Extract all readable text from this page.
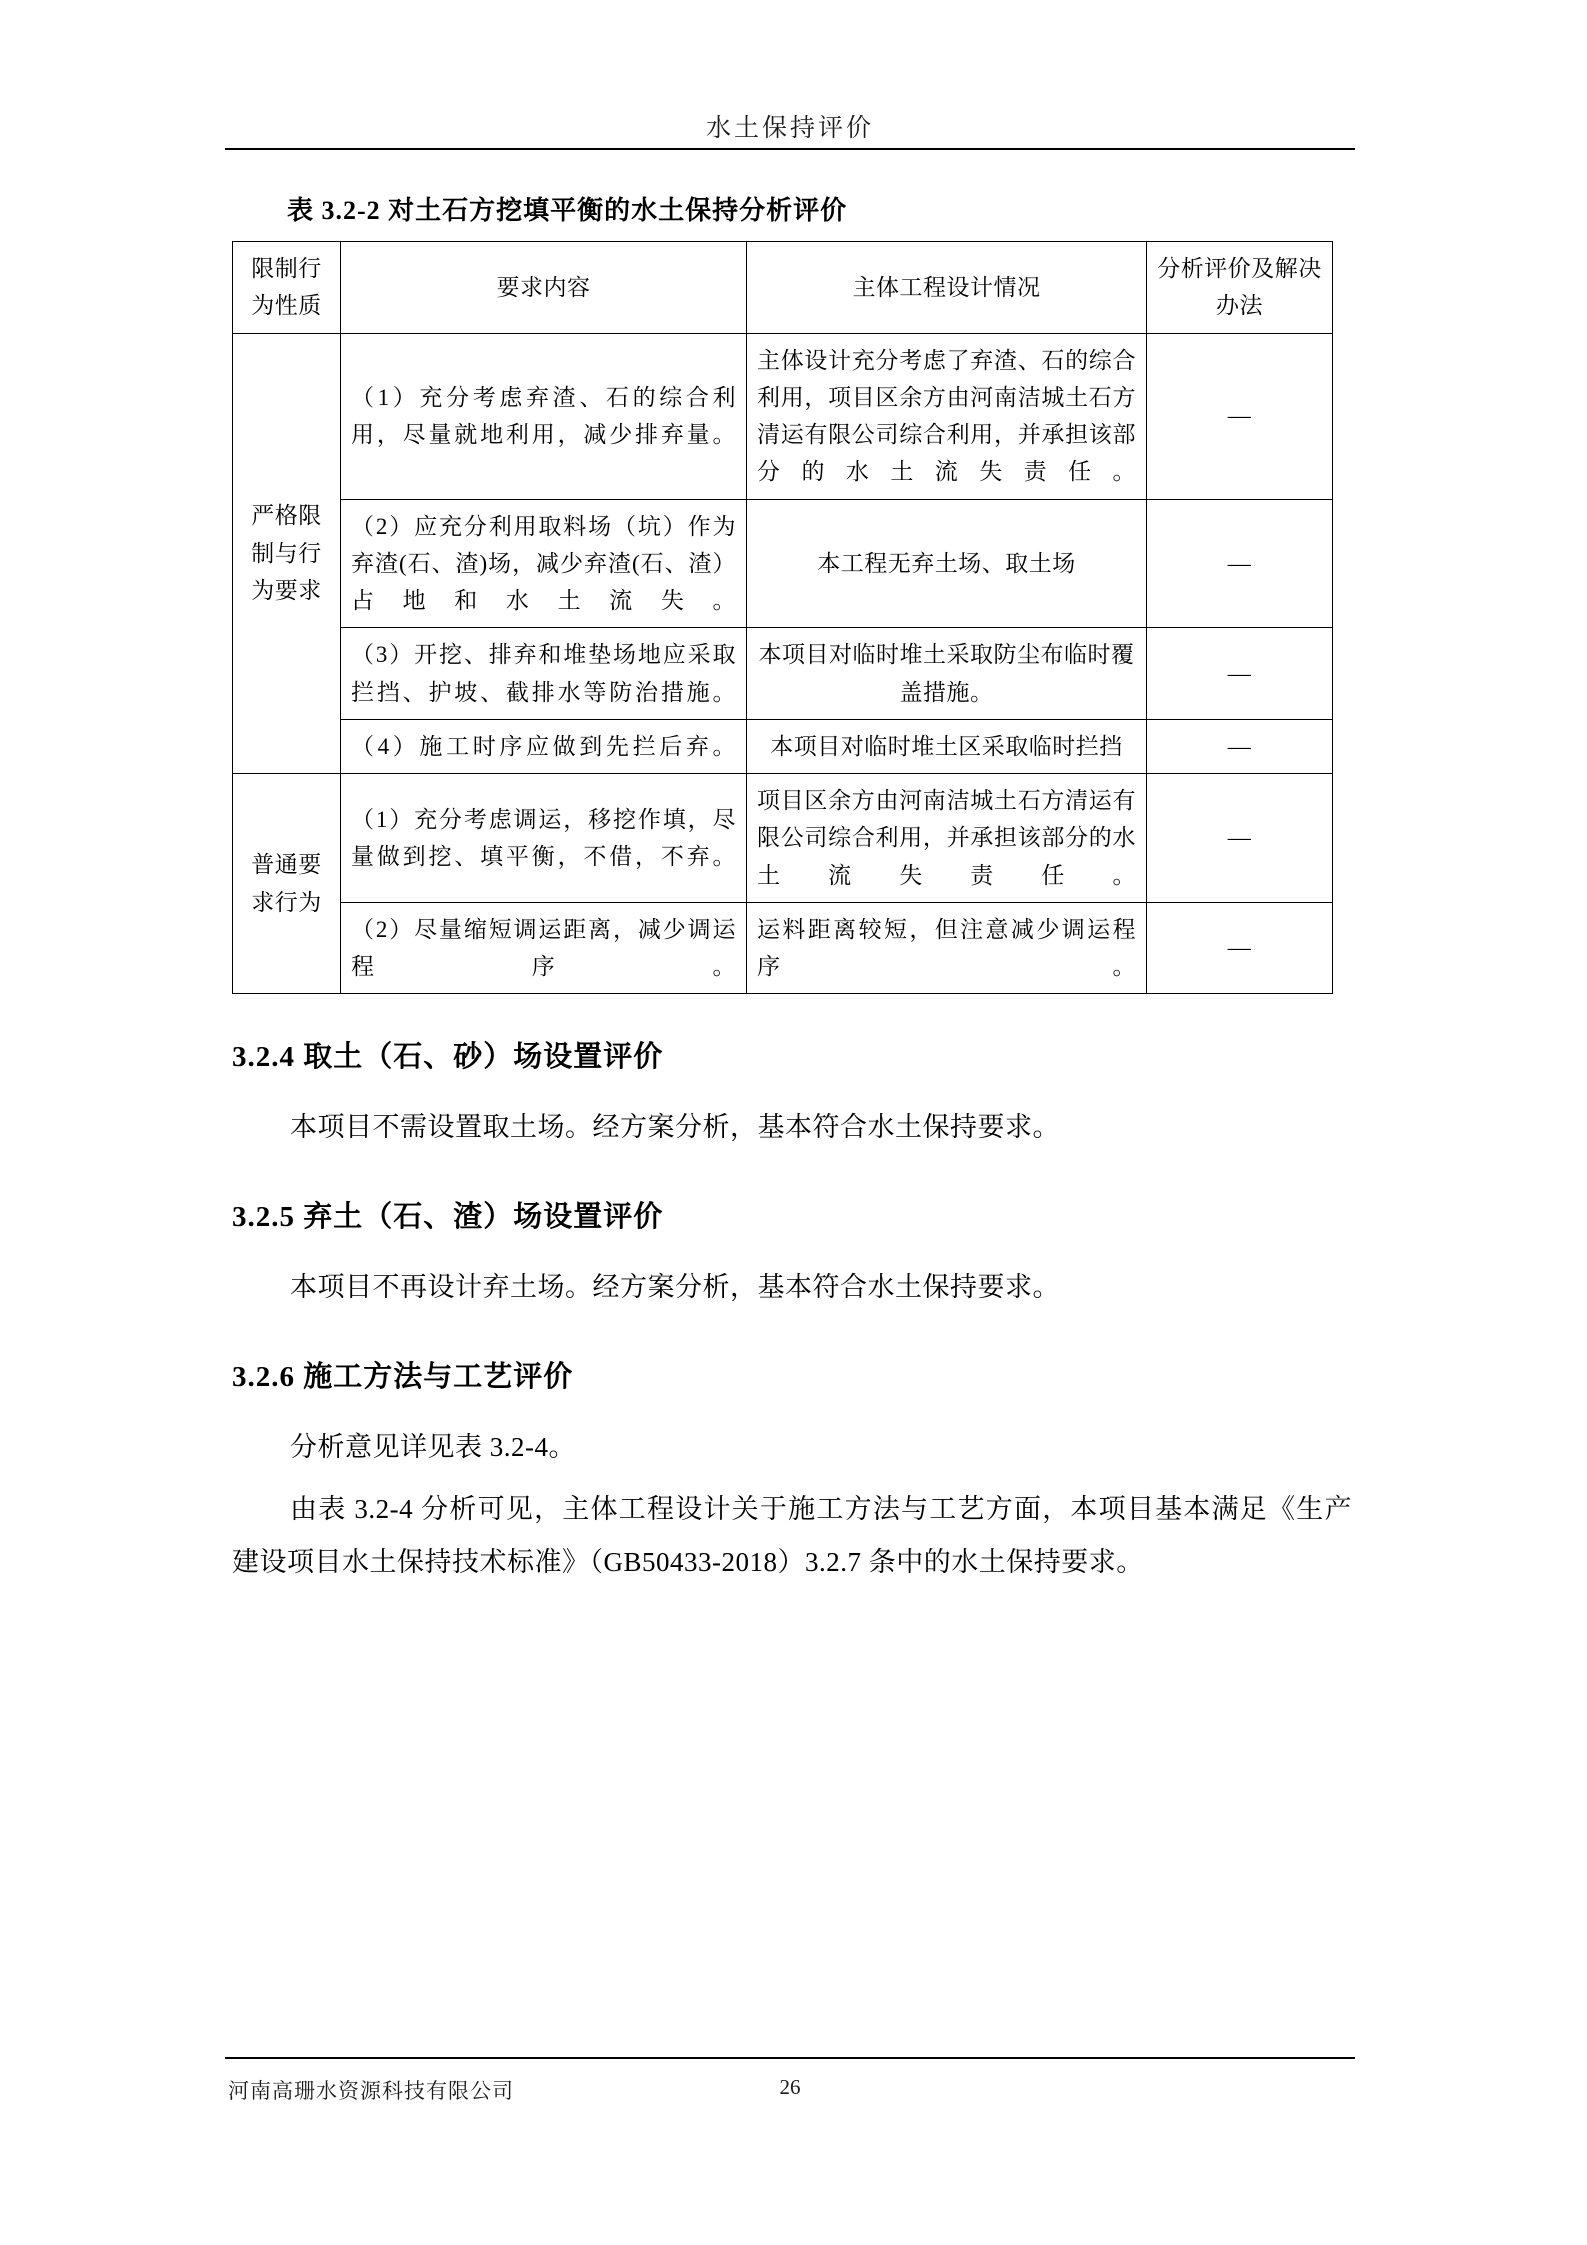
水土保持评价
表 3.2-2 对土石方挖填平衡的水土保持分析评价
限制行为性质	要求内容	主体工程设计情况	分析评价及解决办法
严格限制与行为要求	（1）充分考虑弃渣、石的综合利用，尽量就地利用，减少排弃量。	主体设计充分考虑了弃渣、石的综合利用，项目区余方由河南洁城土石方清运有限公司综合利用，并承担该部分的水土流失责任。	—
	（2）应充分利用取料场（坑）作为弃渣(石、渣)场，减少弃渣(石、渣）占地和水土流失。	本工程无弃土场、取土场	—
	（3）开挖、排弃和堆垫场地应采取拦挡、护坡、截排水等防治措施。	本项目对临时堆土采取防尘布临时覆盖措施。	—
	（4）施工时序应做到先拦后弃。	本项目对临时堆土区采取临时拦挡	—
普通要求行为	（1）充分考虑调运，移挖作填，尽量做到挖、填平衡，不借，不弃。	项目区余方由河南洁城土石方清运有限公司综合利用，并承担该部分的水土流失责任。	—
	（2）尽量缩短调运距离，减少调运程序。	运料距离较短，但注意减少调运程序。	—
3.2.4 取土（石、砂）场设置评价

本项目不需设置取土场。经方案分析，基本符合水土保持要求。

3.2.5 弃土（石、渣）场设置评价

本项目不再设计弃土场。经方案分析，基本符合水土保持要求。

3.2.6 施工方法与工艺评价

分析意见详见表 3.2-4。

由表 3.2-4 分析可见，主体工程设计关于施工方法与工艺方面，本项目基本满足《生产建设项目水土保持技术标准》（GB50433-2018）3.2.7 条中的水土保持要求。

河南高珊水资源科技有限公司	26
